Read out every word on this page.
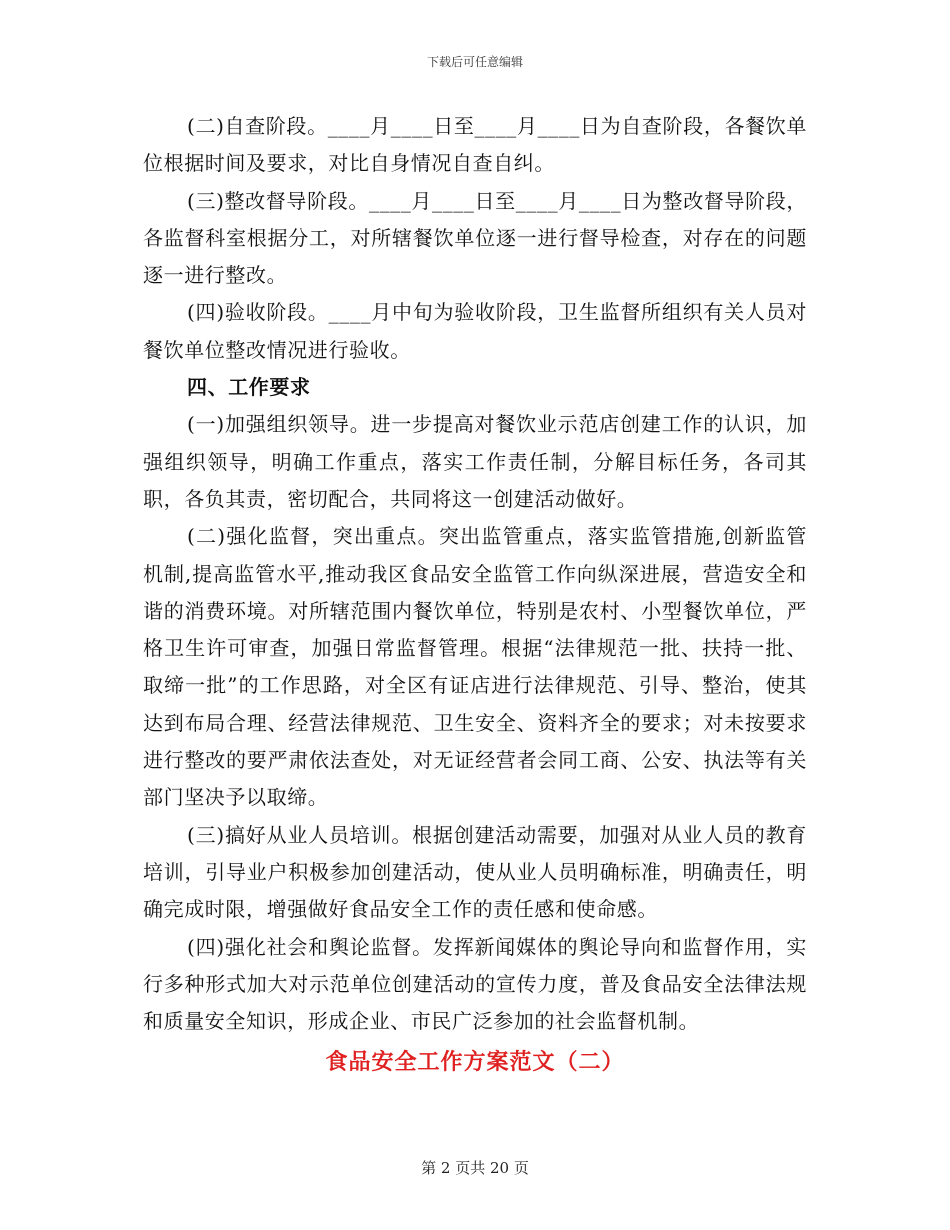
下载后可任意编辑

(二)自查阶段。____月____日至____月____日为自查阶段，各餐饮单位根据时间及要求，对比自身情况自查自纠。

(三)整改督导阶段。____月____日至____月____日为整改督导阶段，各监督科室根据分工，对所辖餐饮单位逐一进行督导检查，对存在的问题逐一进行整改。

(四)验收阶段。____月中旬为验收阶段，卫生监督所组织有关人员对餐饮单位整改情况进行验收。

四、工作要求

(一)加强组织领导。进一步提高对餐饮业示范店创建工作的认识，加强组织领导，明确工作重点，落实工作责任制，分解目标任务，各司其职，各负其责，密切配合，共同将这一创建活动做好。

(二)强化监督，突出重点。突出监管重点，落实监管措施,创新监管机制,提高监管水平,推动我区食品安全监管工作向纵深进展，营造安全和谐的消费环境。对所辖范围内餐饮单位，特别是农村、小型餐饮单位，严格卫生许可审查，加强日常监督管理。根据“法律规范一批、扶持一批、取缔一批”的工作思路，对全区有证店进行法律规范、引导、整治，使其达到布局合理、经营法律规范、卫生安全、资料齐全的要求；对未按要求进行整改的要严肃依法查处，对无证经营者会同工商、公安、执法等有关部门坚决予以取缔。

(三)搞好从业人员培训。根据创建活动需要，加强对从业人员的教育培训，引导业户积极参加创建活动，使从业人员明确标准，明确责任，明确完成时限，增强做好食品安全工作的责任感和使命感。

(四)强化社会和舆论监督。发挥新闻媒体的舆论导向和监督作用，实行多种形式加大对示范单位创建活动的宣传力度，普及食品安全法律法规和质量安全知识，形成企业、市民广泛参加的社会监督机制。

食品安全工作方案范文（二）

第 2 页共 20 页
